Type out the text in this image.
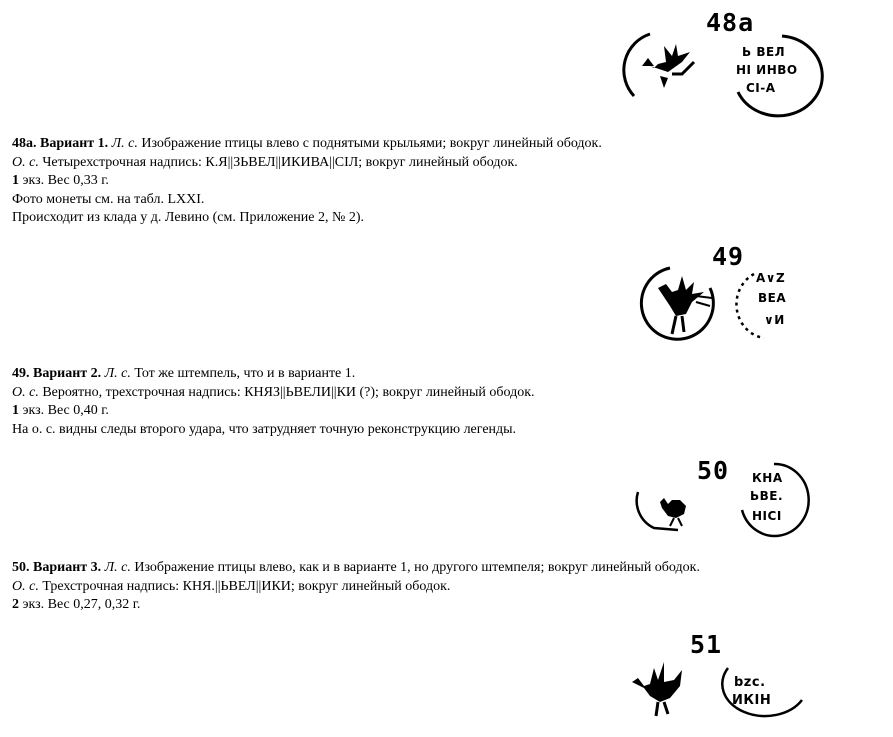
48a
Ь ВЕЛ
НІ ИНВО
СІ-А

48a. Вариант 1. Л. с. Изображение птицы влево с поднятыми крыльями; вокруг линейный ободок.

О. с. Четырехстрочная надпись: К.Я||ЗЬВЕЛ||ИКИВА||СIЛ; вокруг линейный ободок.

1 экз. Вес 0,33 г.

Фото монеты см. на табл. LXXI.

Происходит из клада у д. Левино (см. Приложение 2, № 2).

49
А∨Z
ВЕА
∨И

49. Вариант 2. Л. с. Тот же штемпель, что и в варианте 1.

О. с. Вероятно, трехстрочная надпись: КНЯЗ||ЬВЕЛИ||КИ (?); вокруг линейный ободок.

1 экз. Вес 0,40 г.

На о. с. видны следы второго удара, что затрудняет точную реконструкцию легенды.

50 КНА
ЬВЕ.
НIСІ

50. Вариант 3. Л. с. Изображение птицы влево, как и в варианте 1, но другого штемпеля; вокруг линейный ободок.

О. с. Трехстрочная надпись: КНЯ.||ЬВЕЛ||ИКИ; вокруг линейный ободок.

2 экз. Вес 0,27, 0,32 г.

51
bzc.
ИКІН
